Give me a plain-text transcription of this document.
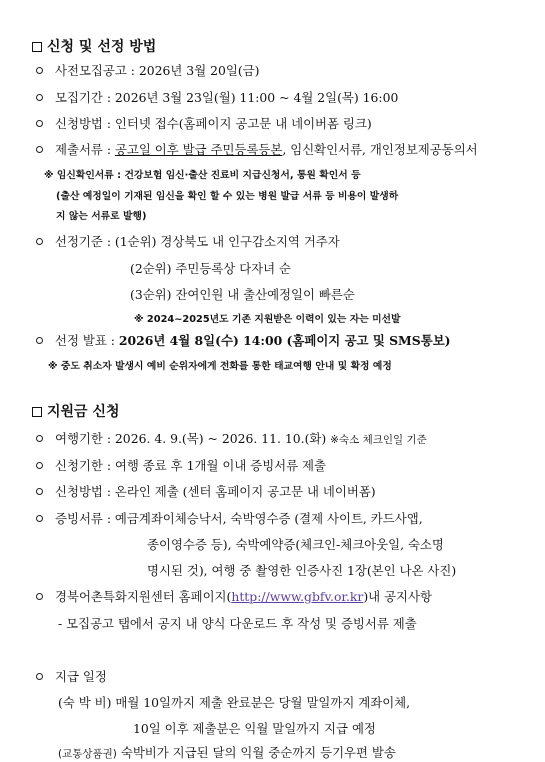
신청 및 선정 방법
사전모집공고 : 2026년 3월 20일(금)
모집기간 : 2026년 3월 23일(월) 11:00 ~ 4월 2일(목) 16:00
신청방법 : 인터넷 접수(홈페이지 공고문 내 네이버폼 링크)
제출서류 : 공고일 이후 발급 주민등록등본, 임신확인서류, 개인정보제공동의서
※ 임신확인서류 : 건강보험 임신·출산 진료비 지급신청서, 통원 확인서 등
(출산 예정일이 기재된 임신을 확인 할 수 있는 병원 발급 서류 등 비용이 발생하
지 않는 서류로 발행)
선정기준 : (1순위) 경상북도 내 인구감소지역 거주자
(2순위) 주민등록상 다자녀 순
(3순위) 잔여인원 내 출산예정일이 빠른순
※ 2024~2025년도 기존 지원받은 이력이 있는 자는 미선발
선정 발표 : 2026년 4월 8일(수) 14:00 (홈페이지 공고 및 SMS통보)
※ 중도 취소자 발생시 예비 순위자에게 전화를 통한 태교여행 안내 및 확정 예정
지원금 신청
여행기한 : 2026. 4. 9.(목) ~ 2026. 11. 10.(화) ※숙소 체크인일 기준
신청기한 : 여행 종료 후 1개월 이내 증빙서류 제출
신청방법 : 온라인 제출 (센터 홈페이지 공고문 내 네이버폼)
증빙서류 : 예금계좌이체승낙서, 숙박영수증 (결제 사이트, 카드사앱,
종이영수증 등), 숙박예약증(체크인-체크아웃일, 숙소명
명시된 것), 여행 중 촬영한 인증사진 1장(본인 나온 사진)
경북어촌특화지원센터 홈페이지(http://www.gbfv.or.kr)내 공지사항
- 모집공고 탭에서 공지 내 양식 다운로드 후 작성 및 증빙서류 제출
지급 일정
(숙 박 비) 매월 10일까지 제출 완료분은 당월 말일까지 계좌이체,
10일 이후 제출분은 익월 말일까지 지급 예정
(교통상품권) 숙박비가 지급된 달의 익월 중순까지 등기우편 발송
